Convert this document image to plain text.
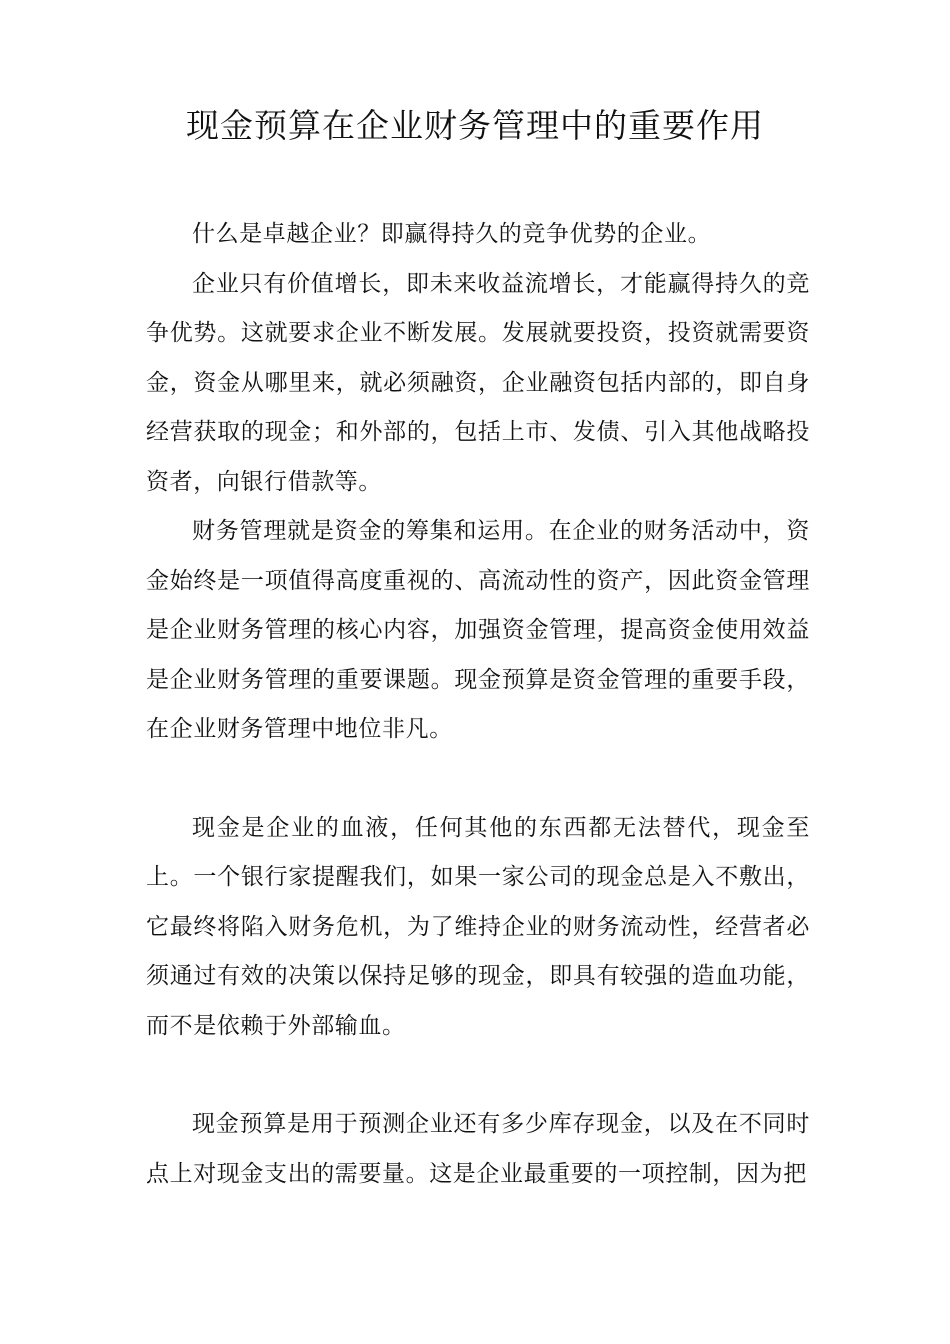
现金预算在企业财务管理中的重要作用

什么是卓越企业？即赢得持久的竞争优势的企业。

企业只有价值增长，即未来收益流增长，才能赢得持久的竞争优势。这就要求企业不断发展。发展就要投资，投资就需要资金，资金从哪里来，就必须融资，企业融资包括内部的，即自身经营获取的现金；和外部的，包括上市、发债、引入其他战略投资者，向银行借款等。

财务管理就是资金的筹集和运用。在企业的财务活动中，资金始终是一项值得高度重视的、高流动性的资产，因此资金管理是企业财务管理的核心内容，加强资金管理，提高资金使用效益是企业财务管理的重要课题。现金预算是资金管理的重要手段，在企业财务管理中地位非凡。

现金是企业的血液，任何其他的东西都无法替代，现金至上。一个银行家提醒我们，如果一家公司的现金总是入不敷出，它最终将陷入财务危机，为了维持企业的财务流动性，经营者必须通过有效的决策以保持足够的现金，即具有较强的造血功能，而不是依赖于外部输血。

现金预算是用于预测企业还有多少库存现金，以及在不同时点上对现金支出的需要量。这是企业最重要的一项控制，因为把
